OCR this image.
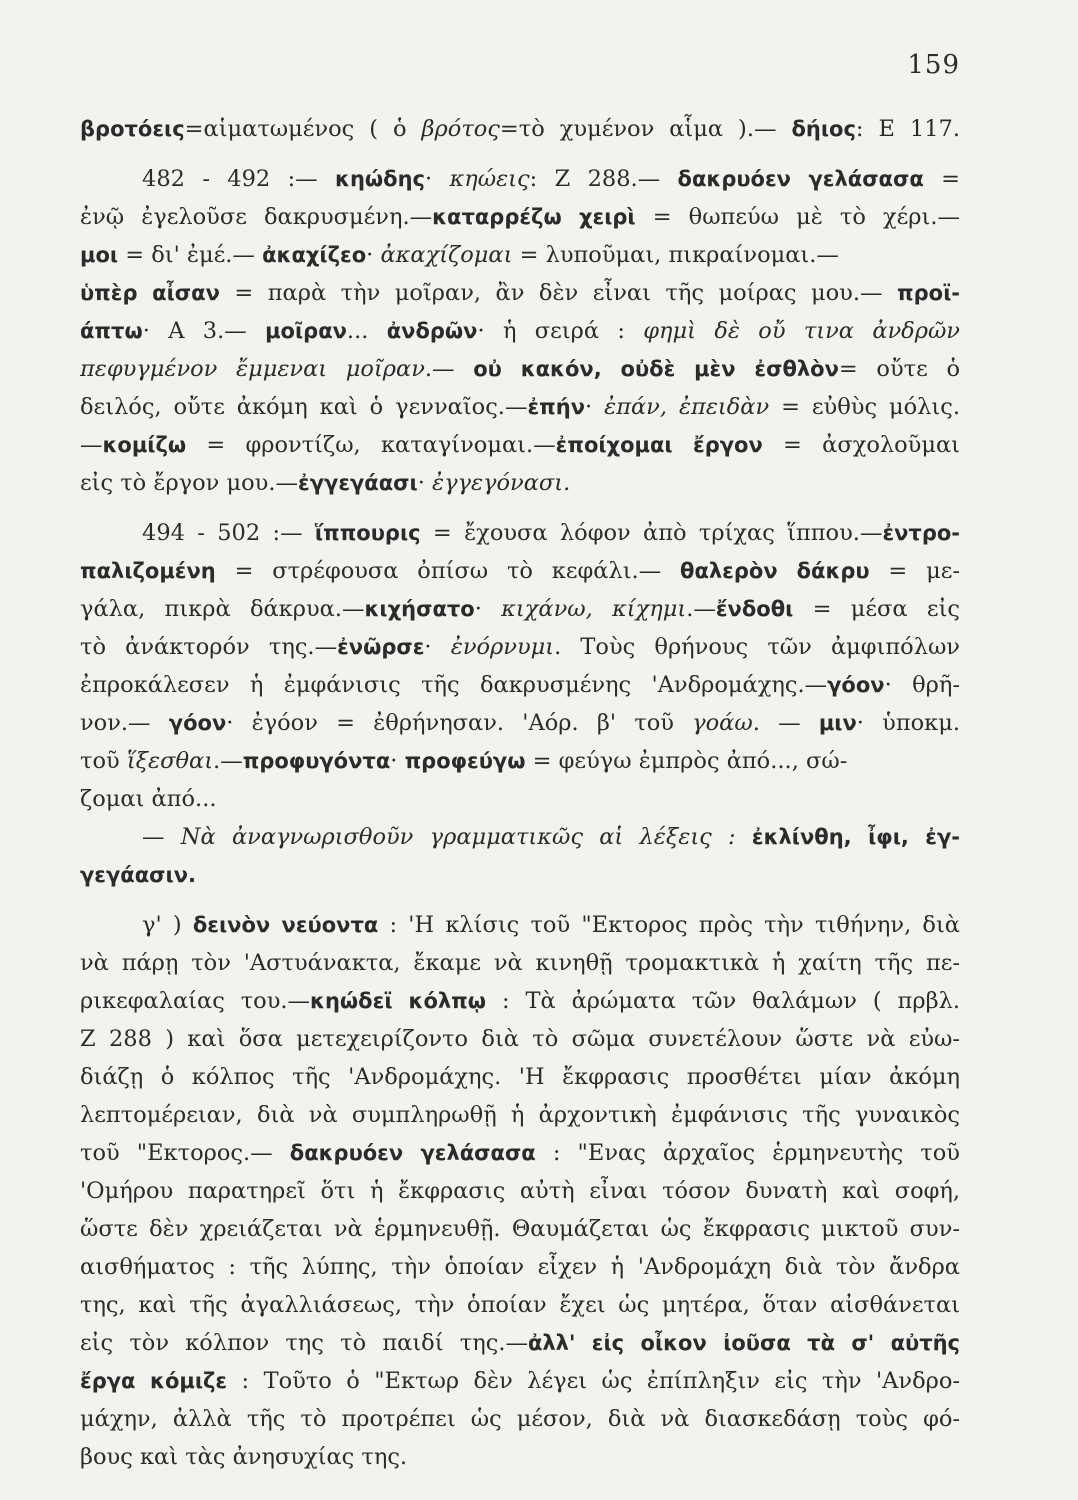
159
βροτόεις=αἱματωμένος ( ὁ βρότος=τὸ χυμένον αἷμα ).— δήιος: Ε 117.
482 - 492 :— κηώδης· κηώεις: Ζ 288.— δακρυόεν γελάσασα =
ἐνῷ ἐγελοῦσε δακρυσμένη.—καταρρέζω χειρὶ = θωπεύω μὲ τὸ χέρι.—
μοι = δι' ἐμέ.— ἀκαχίζεο· ἀκαχίζομαι = λυποῦμαι, πικραίνομαι.—
ὑπὲρ αἶσαν = παρὰ τὴν μοῖραν, ἂν δὲν εἶναι τῆς μοίρας μου.— προϊ-
άπτω· Α 3.— μοῖραν... ἀνδρῶν· ἡ σειρά : φημὶ δὲ οὔ τινα ἀνδρῶν
πεφυγμένον ἔμμεναι μοῖραν.— οὐ κακόν, οὐδὲ μὲν ἐσθλὸν= οὔτε ὁ
δειλός, οὔτε ἀκόμη καὶ ὁ γενναῖος.—ἐπήν· ἐπάν, ἐπειδὰν = εὐθὺς μόλις.
—κομίζω = φροντίζω, καταγίνομαι.—ἐποίχομαι ἔργον = ἀσχολοῦμαι
εἰς τὸ ἔργον μου.—ἐγγεγάασι· ἐγγεγόνασι.
494 - 502 :— ἵππουρις = ἔχουσα λόφον ἀπὸ τρίχας ἵππου.—ἐντρο-
παλιζομένη = στρέφουσα ὀπίσω τὸ κεφάλι.— θαλερὸν δάκρυ = με-
γάλα, πικρὰ δάκρυα.—κιχήσατο· κιχάνω, κίχημι.—ἔνδοθι = μέσα εἰς
τὸ ἀνάκτορόν της.—ἐνῶρσε· ἐνόρνυμι. Τοὺς θρήνους τῶν ἀμφιπόλων
ἐπροκάλεσεν ἡ ἐμφάνισις τῆς δακρυσμένης 'Ανδρομάχης.—γόον· θρῆ-
νον.— γόον· ἐγόον = ἐθρήνησαν. 'Αόρ. β' τοῦ γοάω. — μιν· ὑποκμ.
τοῦ ἵξεσθαι.—προφυγόντα· προφεύγω = φεύγω ἐμπρὸς ἀπό..., σώ-
ζομαι ἀπό...
— Νὰ ἀναγνωρισθοῦν γραμματικῶς αἱ λέξεις : ἐκλίνθη, ἶφι, ἐγ-
γεγάασιν.
γ' ) δεινὸν νεύοντα : 'Η κλίσις τοῦ "Εκτορος πρὸς τὴν τιθήνην, διὰ
νὰ πάρῃ τὸν 'Αστυάνακτα, ἔκαμε νὰ κινηθῇ τρομακτικὰ ἡ χαίτη τῆς πε-
ρικεφαλαίας του.—κηώδεϊ κόλπῳ : Τὰ ἀρώματα τῶν θαλάμων ( πρβλ.
Ζ 288 ) καὶ ὅσα μετεχειρίζοντο διὰ τὸ σῶμα συνετέλουν ὥστε νὰ εὐω-
διάζῃ ὁ κόλπος τῆς 'Ανδρομάχης. 'Η ἔκφρασις προσθέτει μίαν ἀκόμη
λεπτομέρειαν, διὰ νὰ συμπληρωθῇ ἡ ἀρχοντικὴ ἐμφάνισις τῆς γυναικὸς
τοῦ "Εκτορος.— δακρυόεν γελάσασα : "Ενας ἀρχαῖος ἑρμηνευτὴς τοῦ
'Ομήρου παρατηρεῖ ὅτι ἡ ἔκφρασις αὐτὴ εἶναι τόσον δυνατὴ καὶ σοφή,
ὥστε δὲν χρειάζεται νὰ ἑρμηνευθῇ. Θαυμάζεται ὡς ἔκφρασις μικτοῦ συν-
αισθήματος : τῆς λύπης, τὴν ὁποίαν εἶχεν ἡ 'Ανδρομάχη διὰ τὸν ἄνδρα
της, καὶ τῆς ἀγαλλιάσεως, τὴν ὁποίαν ἔχει ὡς μητέρα, ὅταν αἰσθάνεται
εἰς τὸν κόλπον της τὸ παιδί της.—ἀλλ' εἰς οἶκον ἰοῦσα τὰ σ' αὐτῆς
ἔργα κόμιζε : Τοῦτο ὁ "Εκτωρ δὲν λέγει ὡς ἐπίπληξιν εἰς τὴν 'Ανδρο-
μάχην, ἀλλὰ τῆς τὸ προτρέπει ὡς μέσον, διὰ νὰ διασκεδάσῃ τοὺς φό-
βους καὶ τὰς ἀνησυχίας της.
